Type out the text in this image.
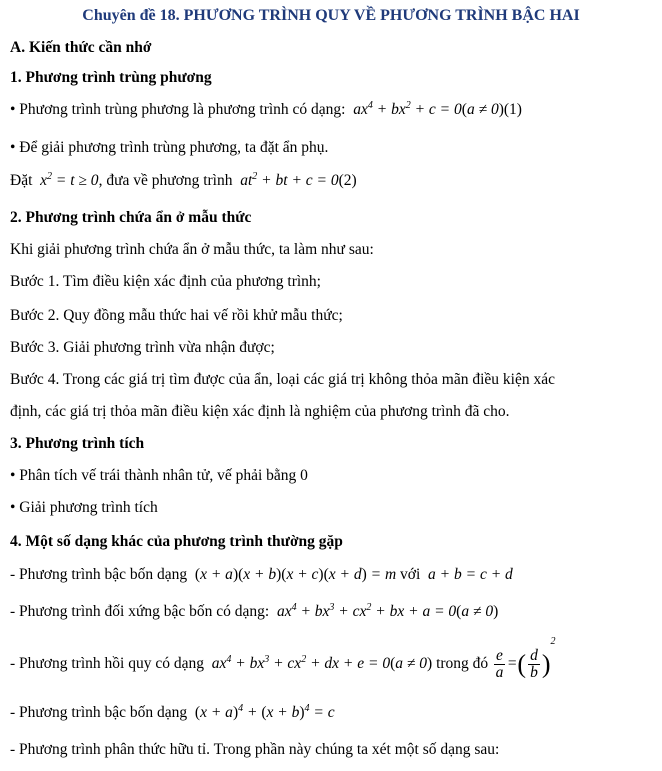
Chuyên đề 18. PHƯƠNG TRÌNH QUY VỀ PHƯƠNG TRÌNH BẬC HAI
A. Kiến thức cần nhớ
1. Phương trình trùng phương
• Phương trình trùng phương là phương trình có dạng:  $ax^4 + bx^2 + c = 0(a \ne 0)(1)$
• Để giải phương trình trùng phương, ta đặt ẩn phụ.
Đặt  $x^2 = t \ge 0$, đưa về phương trình  $at^2$ + bt + c = 0(2)
2. Phương trình chứa ẩn ở mẫu thức
Khi giải phương trình chứa ẩn ở mẫu thức, ta làm như sau:
Bước 1. Tìm điều kiện xác định của phương trình;
Bước 2. Quy đồng mẫu thức hai vế rồi khử mẫu thức;
Bước 3. Giải phương trình vừa nhận được;
Bước 4. Trong các giá trị tìm được của ẩn, loại các giá trị không thỏa mãn điều kiện xác
định, các giá trị thỏa mãn điều kiện xác định là nghiệm của phương trình đã cho.
3. Phương trình tích
• Phân tích vế trái thành nhân tử, vế phải bằng 0
• Giải phương trình tích
4. Một số dạng khác của phương trình thường gặp
- Phương trình bậc bốn dạng (x + a)(x + b)(x + c)(x + d) = m với  a + b = c + d
- Phương trình đối xứng bậc bốn có dạng:  $ax^4 + bx^3 + cx^2$ + bx + a = 0(a ≠ 0)
- Phương trình hồi quy có dạng  $ax^4 + bx^3 + cx^2$ + dx + e = 0(a ≠ 0) trong đó $\frac{e}{a}$ =( $\frac{d}{b} )^2$
- Phương trình bậc bốn dạng $(x + a)^4 + (x + b)^4 = c$
- Phương trình phân thức hữu tỉ. Trong phần này chúng ta xét một số dạng sau:
